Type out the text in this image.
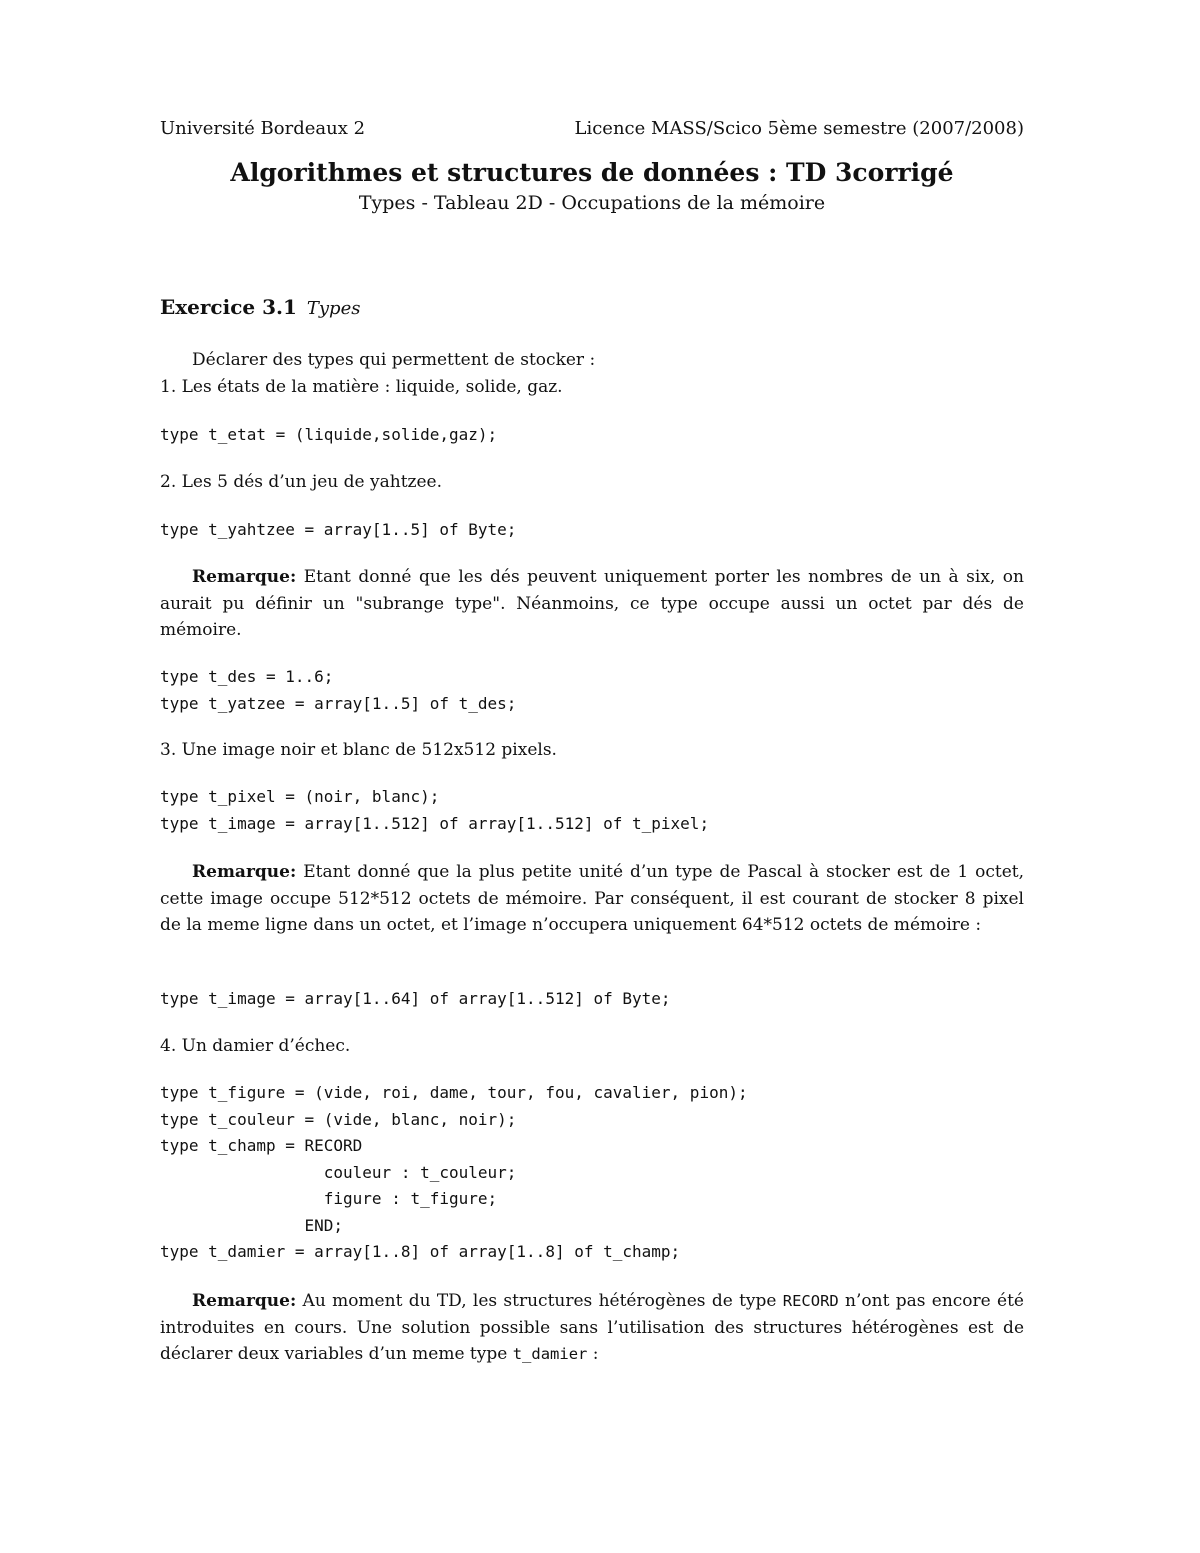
Université Bordeaux 2	Licence MASS/Scico 5ème semestre (2007/2008)
Algorithmes et structures de données : TD 3corrigé
Types - Tableau 2D - Occupations de la mémoire
Exercice 3.1 Types
Déclarer des types qui permettent de stocker :
1. Les états de la matière : liquide, solide, gaz.
type t_etat = (liquide,solide,gaz);
2. Les 5 dés d’un jeu de yahtzee.
type t_yahtzee = array[1..5] of Byte;
Remarque: Etant donné que les dés peuvent uniquement porter les nombres de un à six, on aurait pu définir un "subrange type". Néanmoins, ce type occupe aussi un octet par dés de mémoire.
type t_des = 1..6;
type t_yatzee = array[1..5] of t_des;
3. Une image noir et blanc de 512x512 pixels.
type t_pixel = (noir, blanc);
type t_image = array[1..512] of array[1..512] of t_pixel;
Remarque: Etant donné que la plus petite unité d’un type de Pascal à stocker est de 1 octet, cette image occupe 512*512 octets de mémoire. Par conséquent, il est courant de stocker 8 pixel de la meme ligne dans un octet, et l’image n’occupera uniquement 64*512 octets de mémoire :
type t_image = array[1..64] of array[1..512] of Byte;
4. Un damier d’échec.
type t_figure = (vide, roi, dame, tour, fou, cavalier, pion);
type t_couleur = (vide, blanc, noir);
type t_champ = RECORD
couleur : t_couleur;
figure : t_figure;
END;
type t_damier = array[1..8] of array[1..8] of t_champ;
Remarque: Au moment du TD, les structures hétérogènes de type RECORD n’ont pas encore été introduites en cours. Une solution possible sans l’utilisation des structures hétérogènes est de déclarer deux variables d’un meme type t_damier :
